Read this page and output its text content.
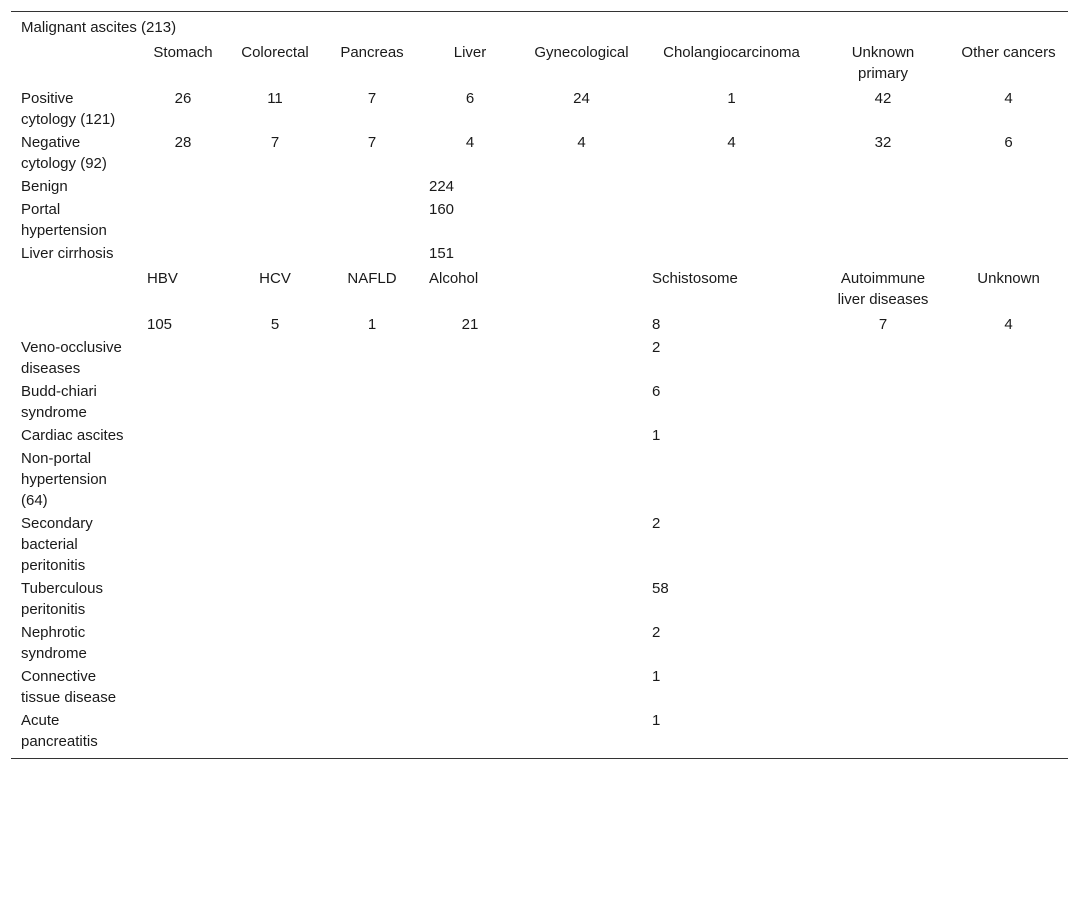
Malignant ascites (213)								
	Stomach	Colorectal	Pancreas	Liver	Gynecological	Cholangiocarcinoma	Unknown primary	Other cancers
Positive cytology (121)	26	11	7	6	24	1	42	4
Negative cytology (92)	28	7	7	4	4	4	32	6
Benign				224				
Portal hypertension				160				
Liver cirrhosis				151				
	HBV	HCV	NAFLD	Alcohol		Schistosome	Autoimmune liver diseases	Unknown
	105	5	1	21		8	7	4
Veno-occlusive diseases						2		
Budd-chiari syndrome						6		
Cardiac ascites						1		
Non-portal hypertension (64)								
Secondary bacterial peritonitis						2		
Tuberculous peritonitis						58		
Nephrotic syndrome						2		
Connective tissue disease						1		
Acute pancreatitis						1		
